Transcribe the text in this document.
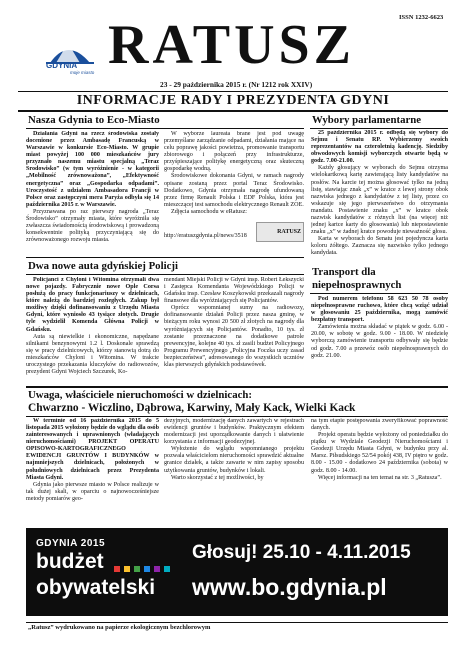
ISSN 1232-6623
GDYNIA
moje miasto RATUSZ
23 - 29 października 2015 r. (Nr 1212 rok XXIV)
INFORMACJE RADY I PREZYDENTA GDYNI
Nasza Gdynia to Eco-Miasto

Działania Gdyni na rzecz środowiska zostały docenione przez Ambasadę Francuską w Warszawie w konkursie Eco-Miasto. W grupie miast powyżej 100 000 mieszkańców jury przyznało naszemu miastu specjalną „Teraz Srodowisko” (w tym wyróżnienie - w kategorii „Mobilność zrównoważona”, „Efektywność energetyczna” oraz „Gospodarka odpadami”. Uroczystość z udziałem Ambasadora Francji w Polsce oraz zastępczyni mera Paryża odbyła się 14 października 2015 r. w Warszawie.

Przyznawana po raz pierwszy nagroda „Teraz Środowisko” otrzymały miasta, które wyróżniła się zwłaszcza świadomością środowiskową i prowadzoną konsekwentnie polityką przyczyniającą się do zrównoważonego rozwoju miasta.

W wyborze laureata brane jest pod uwagę przemyślane zarządzanie odpadami, działania mające na celu poprawę jakości powietrza, promowanie transportu zbiorowego i połączeń przy infrastrukturze, przyśpieszające politykę energetyczną oraz skuteczną gospodarkę wodną.

Środowiskowe dokonania Gdyni, w ramach nagrody opisane zostaną przez portal Teraz Środowisko. Dodatkowo, Gdynia otrzymała nagrodę ufundowaną przez firmę Renault Polska i EDF Polska, która jest mieszczącej test samochodu elektrycznego Renault ZOE.

Zdjęcia samochodu w eRatusz:

http://eratuszgdynia.pl/news/3518
RATUSZ
Wybory parlamentarne

25 października 2015 r. odbędą się wybory do Sejmu i Senatu RP. Wybierzemy swoich reprezentantów na czteroletnią kadencję. Siedziby obwodowych komisji wyborczych otwarte będą w godz. 7.00-21.00.

Każdy głosujący w wyborach do Sejmu otrzyma wielokartkową kartę zawierającą listy kandydatów na posłów. Na karcie tej można głosować tylko na jedną listę, stawiając znak „x” w kratce z lewej strony obok nazwiska jednego z kandydatów z tej listy, przez co wskazuje się jego pierwszeństwo do otrzymania mandatu. Postawienie znaku „x” w kratce obok nazwisk kandydatów z różnych list (na więcej niż jednej kartce karty do głosowania) lub niepostawienie znaku „x” w żadnej kratce powoduje nieważność głosu.

Karta w wyborach do Senatu jest pojedyncza karta koloru żółtego. Zaznacza się nazwisko tylko jednego kandydata.

Transport dla niepełnosprawnych

Pod numerem telefonu 58 623 50 78 osoby niepełnosprawne ruchowo, które chcą wziąć udział w głosowaniu 25 października, mogą zamówić bezpłatny transport.

Zamówienia można składać w piątek w godz. 6.00 - 20.00, w sobotę w godz. 9.00 - 18.00. W niedzielę wyborczą zamówienie transportu odbywały się będzie od godz. 7.00 a przewóz osób niepełnosprawnych do godz. 21.00.

Dwa nowe auta gdyńskiej Policji

Policjanci z Chyloni i Witomina otrzymali dwa nowe pojazdy. Fabrycznie nowe Ople Corsa posłużą do pracy funkcjonariuszy w dzielnicach, które należą do bardziej rozległych. Zakup był możliwy dzięki dofinansowaniu z Urzędu Miasta Gdyni, które wyniosło 43 tysiące złotych. Drugie tyle wydzielił Komenda Główna Policji w Gdańsku.

Auta są niewielkie i ekonomiczne, napędzane silnikami benzynowymi 1.2 l. Doskonale sprawdzą się w pracy dzielnicowych, którzy stanowią dotrą do mieszkańców Chyloni i Witomina. W trakcie uroczystego przekazania kluczyków do radiowozów, prezydent Gdyni Wojciech Szczurek, Ko-

mendant Miejski Policji w Gdyni insp. Robert Łekszycki i Zastępca Komendanta Wojewódzkiego Policji w Gdańsku insp. Czesław Koszykowski przekazali nagrody finansowe dla wyróżniających się Policjantów.

Oprócz wspomnianej sumy na radiowozy, dofinansowanie działań Policji przez nasza gminę, w bieżącym roku wynosi 20 500 zł złotych na nagrody dla wyróżniających się Policjantów. Ponadto, 10 tys. zł zostanie przeznaczone na dodatkowe patrole prewencyjne, kolejne 40 tys. zł zasili budżet Policyjnego Programu Prewencyjnego „Policyjna Foczka uczy zasad bezpieczeństwa”, adresowanego do wszystkich uczniów klas pierwszych gdyńskich podstawówek.

Uwaga, właściciele nieruchomości w dzielnicach:
Chwarzno - Wiczlino, Dąbrowa, Karwiny, Mały Kack, Wielki Kack

W terminie od 16 października 2015 do 5 listopada 2015 wyłożony będzie do wglądu dla osób zainteresowanych i uprawnionych (władających nieruchomościami) PROJEKT OPERATU OPISOWO-KARTOGRAFICZNEGO EWIDENCJI GRUNTÓW I BUDYNKÓW w najmniejszych dzielnicach, położonych w południowych dzielnicach przez Prezydenta Miasta Gdyni.

Gdynia jako pierwsze miasto w Polsce realizuje w tak dużej skali, w oparciu o najnowocześniejsze metody pomiarów geo-

dezyjnych, modernizację danych zawartych w rejestrach ewidencji gruntów i budynków. Praktycznym efektem modernizacji jest uporządkowanie danych i ułatwienie korzystania z informacji geodezyjnej.

Wyłożenie do wglądu wspomnianego projektu pozwala właścicielom nieruchomości sprawdzić aktualne granice działek, a także zawarte w nim zapisy sposobu użytkowania gruntów, budynków i lokali.

Warto skorzystać z tej możliwości, by

na tym etapie postępowania zweryfikować poprawność danych.

Projekt operatu będzie wyłożony od poniedziałku do piątku w Wydziale Geodezji Nieruchomościami i Geodezji Urzędu Miasta Gdyni, w budynku przy al. Marsz. Piłsudskiego 52/54 pokój 438, IV piętro w godz. 8.00 - 15.00 - dodatkowo 24 października (sobota) w godz. 8.00 - 14.00.

Więcej informacji na ten temat na str. 3 „Ratusza”.

GDYNIA 2015
budżet
obywatelski
Głosuj! 25.10 - 4.11.2015
www.bo.gdynia.pl
„Ratusz” wydrukowano na papierze ekologicznym bezchlorowym
